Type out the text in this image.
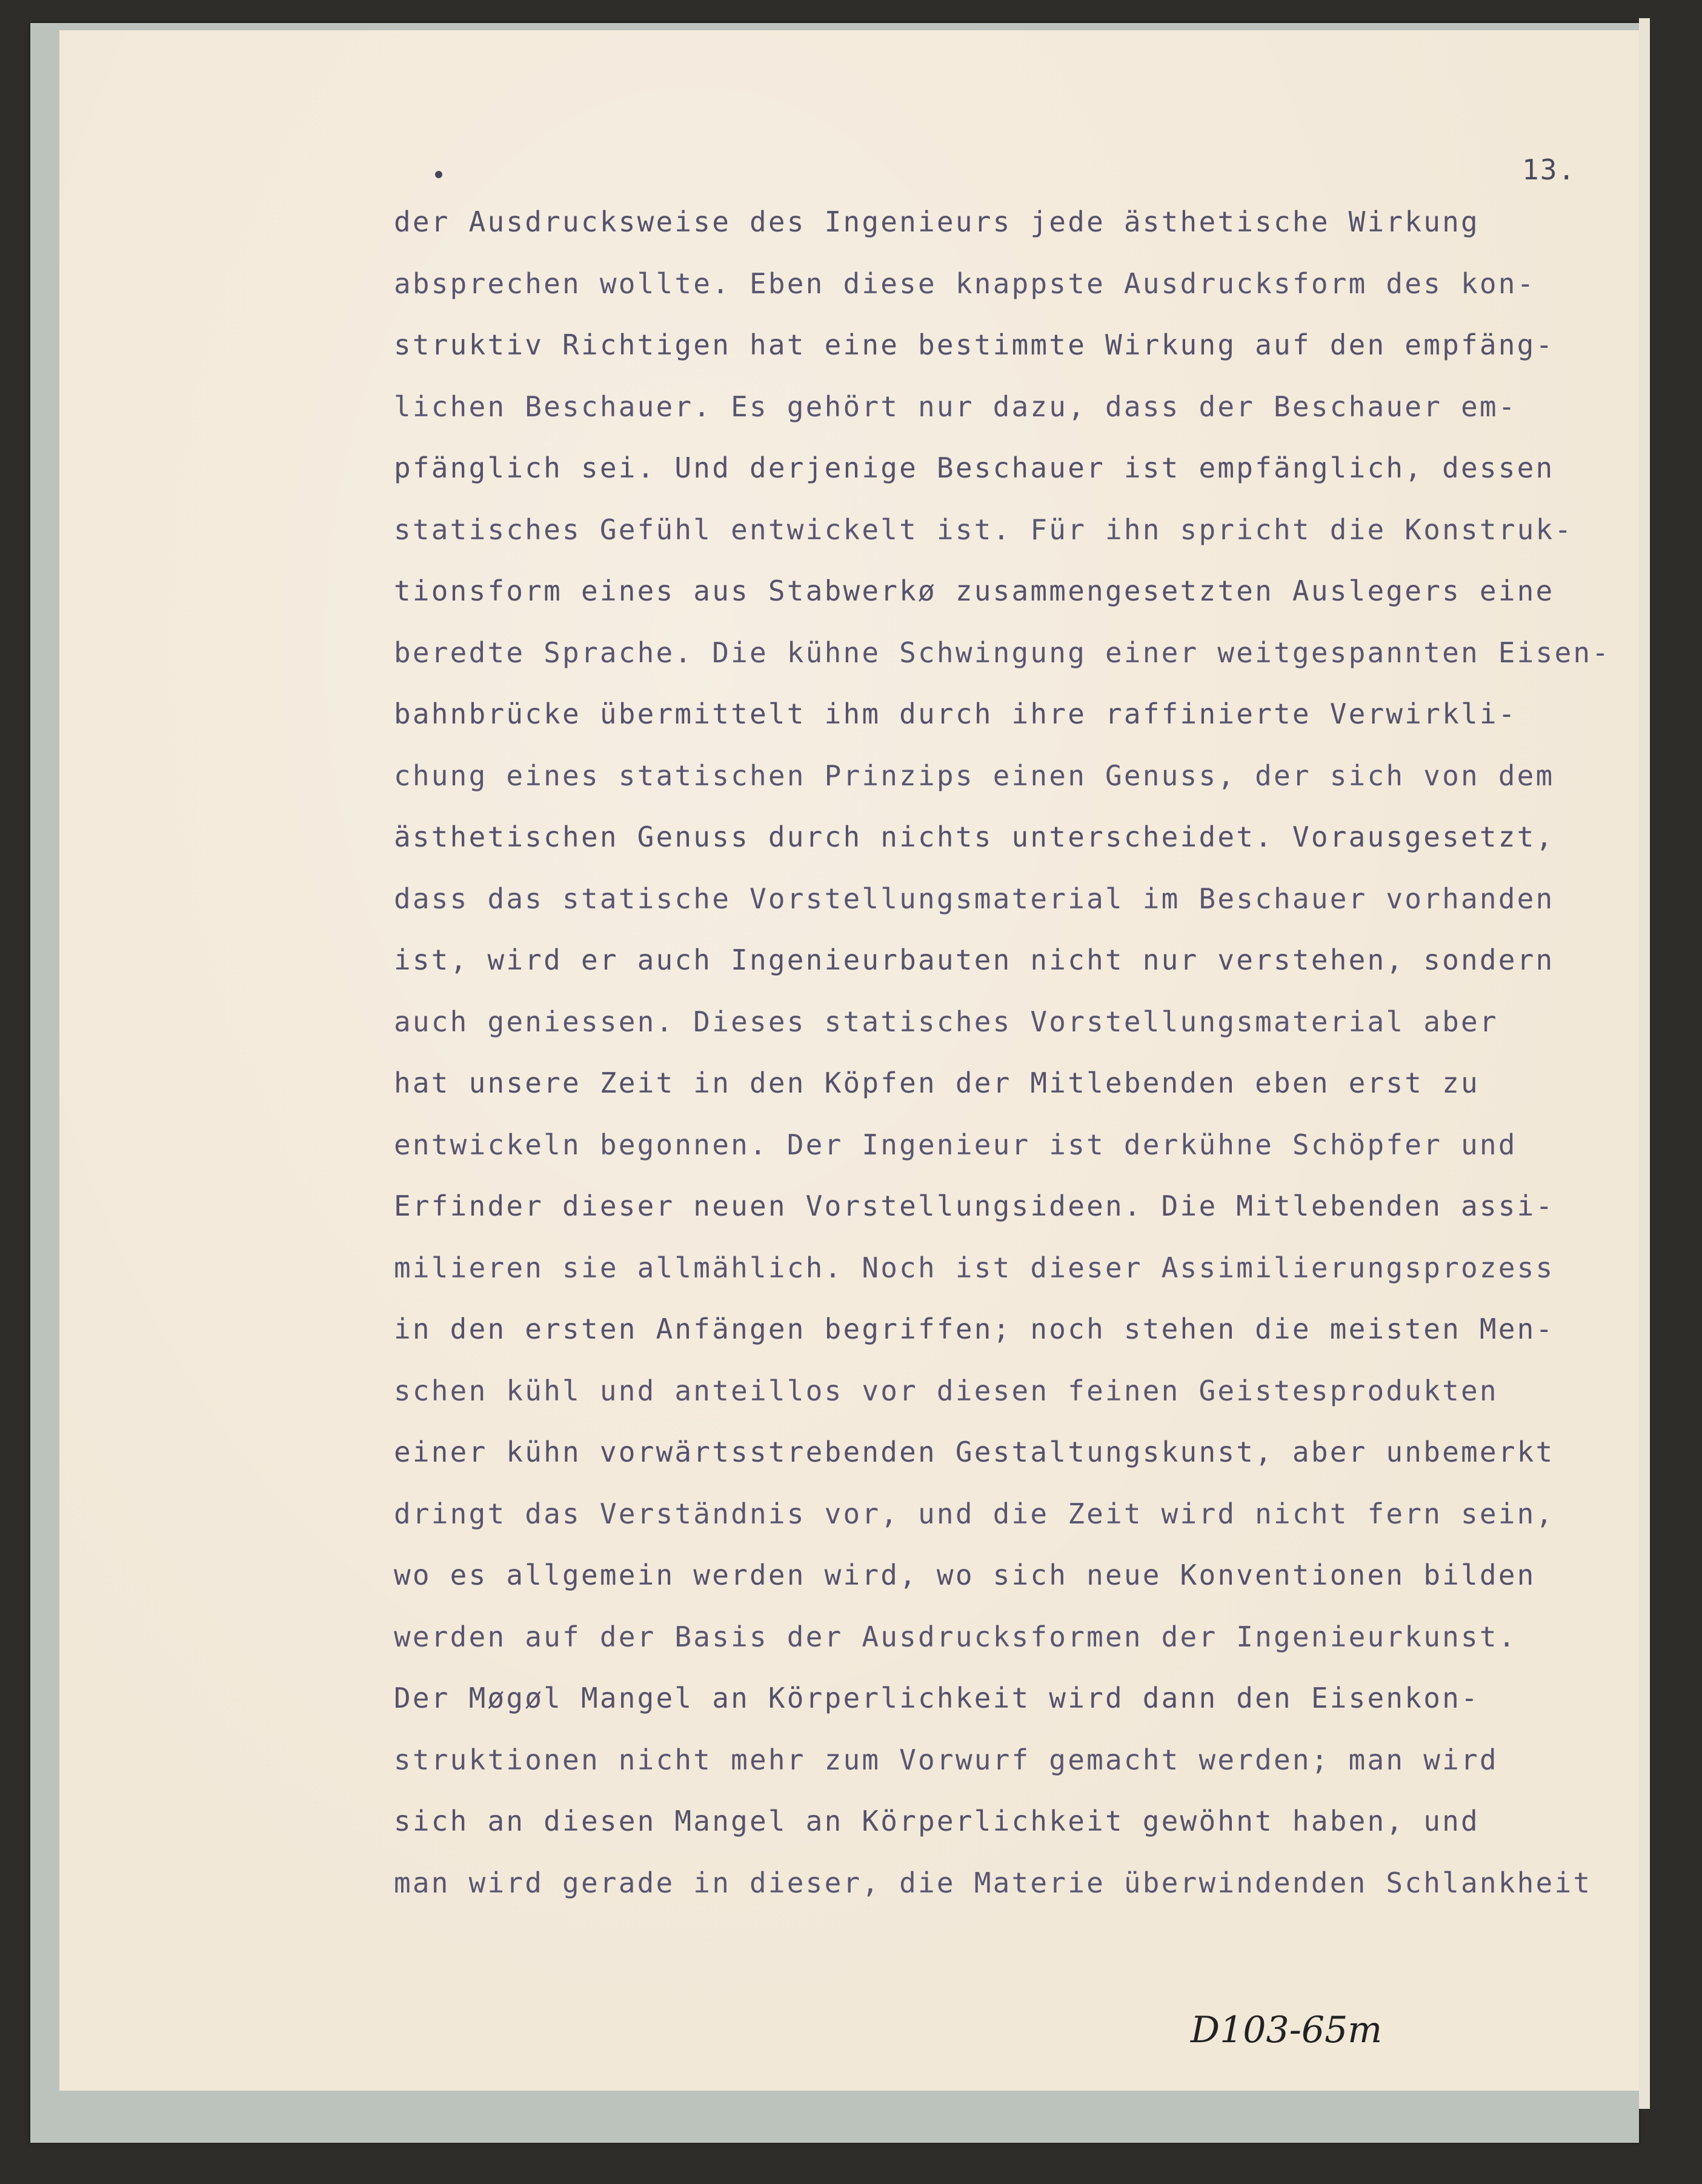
13.
der Ausdrucksweise des Ingenieurs jede ästhetische Wirkung
absprechen wollte. Eben diese knappste Ausdrucksform des kon-
struktiv Richtigen hat eine bestimmte Wirkung auf den empfäng-
lichen Beschauer. Es gehört nur dazu, dass der Beschauer em-
pfänglich sei. Und derjenige Beschauer ist empfänglich, dessen
statisches Gefühl entwickelt ist. Für ihn spricht die Konstruk-
tionsform eines aus Stabwerkø zusammengesetzten Auslegers eine
beredte Sprache. Die kühne Schwingung einer weitgespannten Eisen-
bahnbrücke übermittelt ihm durch ihre raffinierte Verwirkli-
chung eines statischen Prinzips einen Genuss, der sich von dem
ästhetischen Genuss durch nichts unterscheidet. Vorausgesetzt,
dass das statische Vorstellungsmaterial im Beschauer vorhanden
ist, wird er auch Ingenieurbauten nicht nur verstehen, sondern
auch geniessen. Dieses statisches Vorstellungsmaterial aber
hat unsere Zeit in den Köpfen der Mitlebenden eben erst zu
entwickeln begonnen. Der Ingenieur ist derkühne Schöpfer und
Erfinder dieser neuen Vorstellungsideen. Die Mitlebenden assi-
milieren sie allmählich. Noch ist dieser Assimilierungsprozess
in den ersten Anfängen begriffen; noch stehen die meisten Men-
schen kühl und anteillos vor diesen feinen Geistesprodukten
einer kühn vorwärtsstrebenden Gestaltungskunst, aber unbemerkt
dringt das Verständnis vor, und die Zeit wird nicht fern sein,
wo es allgemein werden wird, wo sich neue Konventionen bilden
werden auf der Basis der Ausdrucksformen der Ingenieurkunst.
Der Møgøl Mangel an Körperlichkeit wird dann den Eisenkon-
struktionen nicht mehr zum Vorwurf gemacht werden; man wird
sich an diesen Mangel an Körperlichkeit gewöhnt haben, und
man wird gerade in dieser, die Materie überwindenden Schlankheit
D103-65m
